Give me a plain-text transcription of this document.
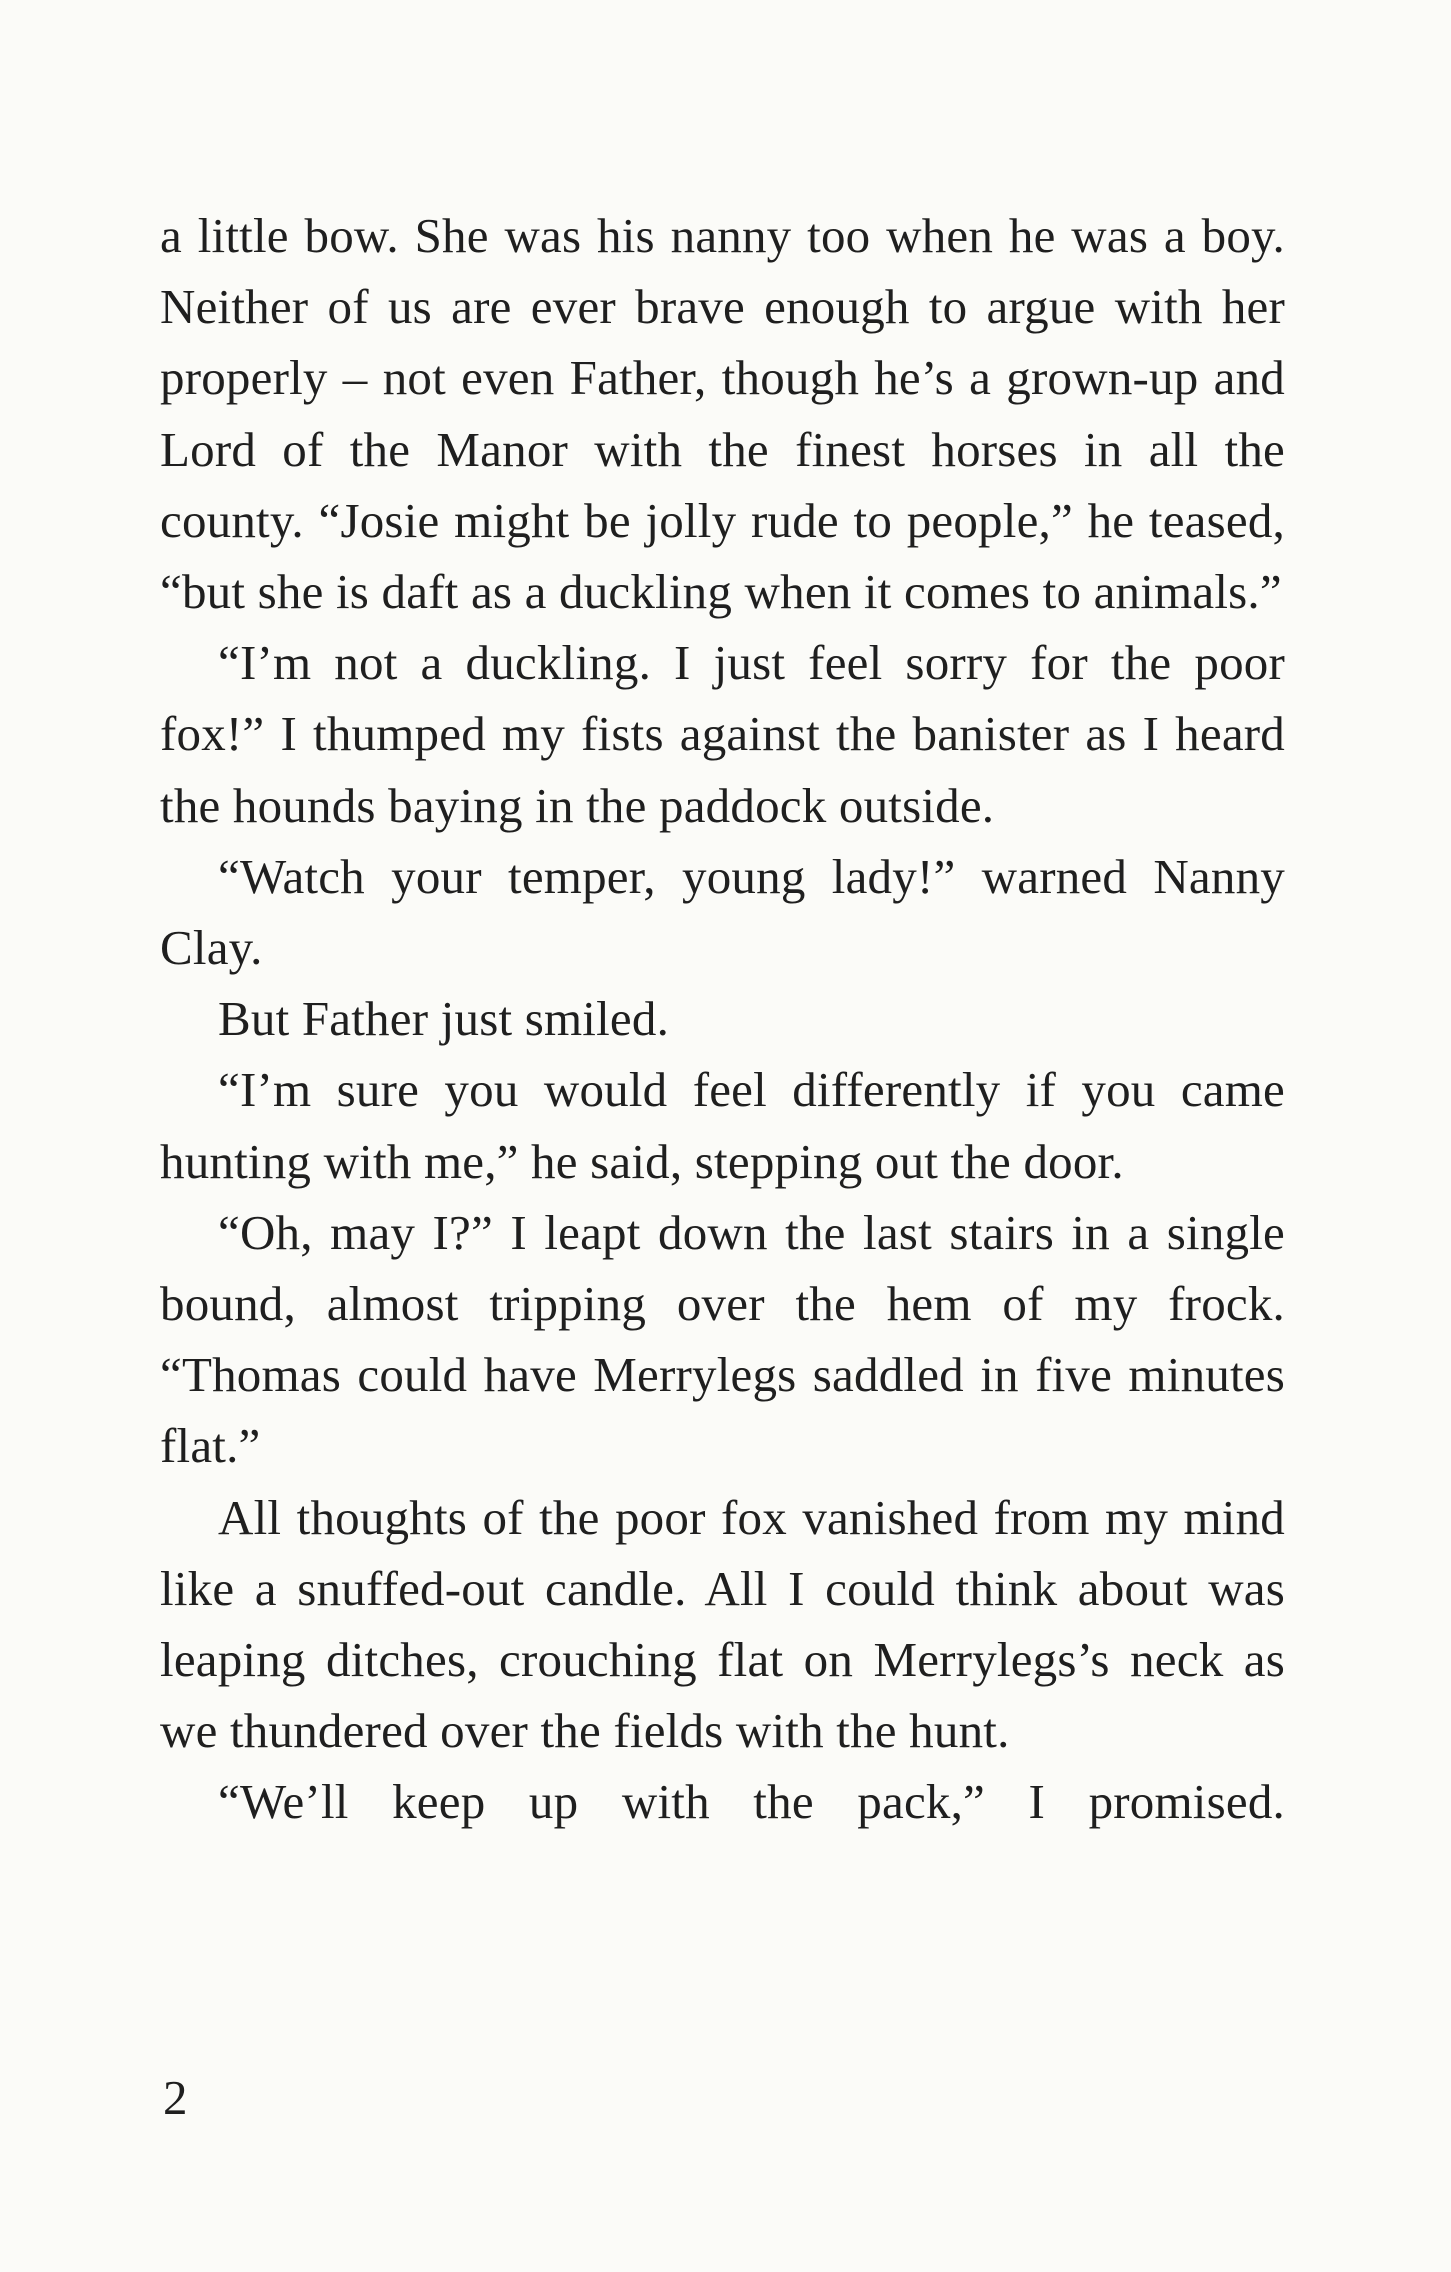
a little bow. She was his nanny too when he was a boy. Neither of us are ever brave enough to argue with her properly – not even Father, though he’s a grown-up and Lord of the Manor with the finest horses in all the county. “Josie might be jolly rude to people,” he teased, “but she is daft as a duckling when it comes to animals.”

“I’m not a duckling. I just feel sorry for the poor fox!” I thumped my fists against the banister as I heard the hounds baying in the paddock outside.

“Watch your temper, young lady!” warned Nanny Clay.

But Father just smiled.

“I’m sure you would feel differently if you came hunting with me,” he said, stepping out the door.

“Oh, may I?” I leapt down the last stairs in a single bound, almost tripping over the hem of my frock. “Thomas could have Merrylegs saddled in five minutes flat.”

All thoughts of the poor fox vanished from my mind like a snuffed-out candle. All I could think about was leaping ditches, crouching flat on Merrylegs’s neck as we thundered over the fields with the hunt.

“We’ll keep up with the pack,” I promised.

2
